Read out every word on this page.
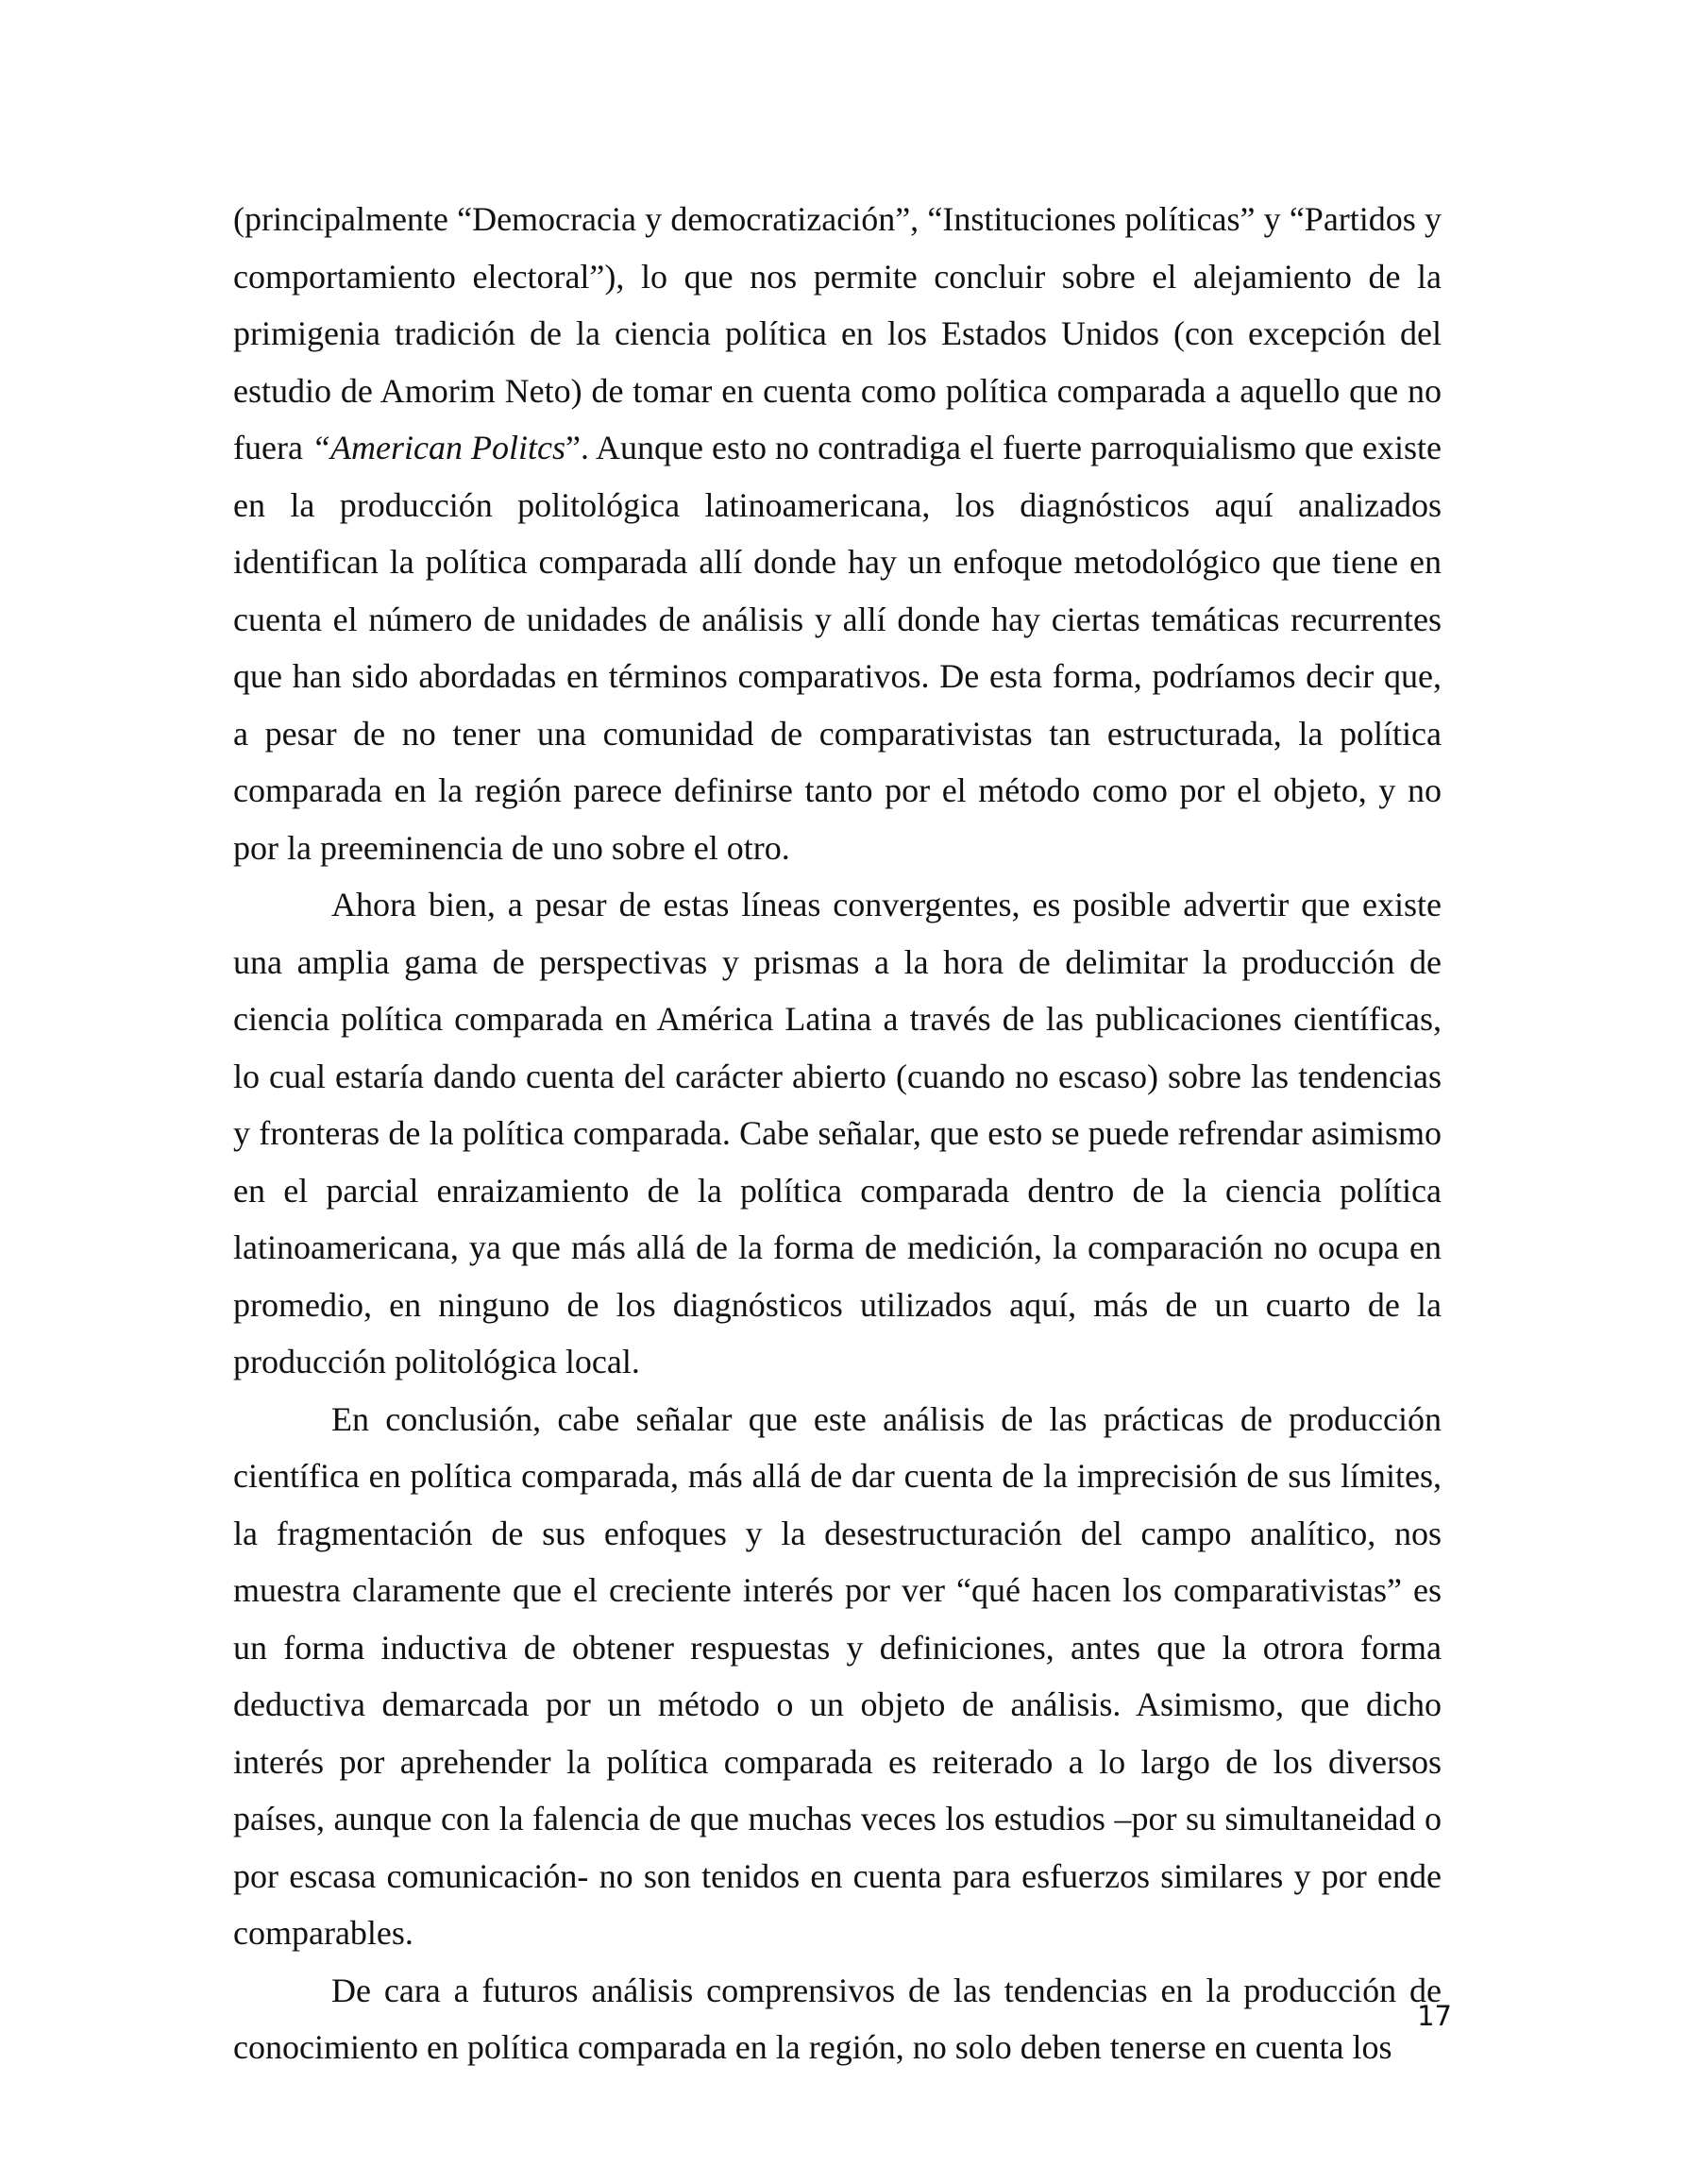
(principalmente “Democracia y democratización”, “Instituciones políticas” y “Partidos y comportamiento electoral”), lo que nos permite concluir sobre el alejamiento de la primigenia tradición de la ciencia política en los Estados Unidos (con excepción del estudio de Amorim Neto) de tomar en cuenta como política comparada a aquello que no fuera “American Politcs”. Aunque esto no contradiga el fuerte parroquialismo que existe en la producción politológica latinoamericana, los diagnósticos aquí analizados identifican la política comparada allí donde hay un enfoque metodológico que tiene en cuenta el número de unidades de análisis y allí donde hay ciertas temáticas recurrentes que han sido abordadas en términos comparativos. De esta forma, podríamos decir que, a pesar de no tener una comunidad de comparativistas tan estructurada, la política comparada en la región parece definirse tanto por el método como por el objeto, y no por la preeminencia de uno sobre el otro.

Ahora bien, a pesar de estas líneas convergentes, es posible advertir que existe una amplia gama de perspectivas y prismas a la hora de delimitar la producción de ciencia política comparada en América Latina a través de las publicaciones científicas, lo cual estaría dando cuenta del carácter abierto (cuando no escaso) sobre las tendencias y fronteras de la política comparada. Cabe señalar, que esto se puede refrendar asimismo en el parcial enraizamiento de la política comparada dentro de la ciencia política latinoamericana, ya que más allá de la forma de medición, la comparación no ocupa en promedio, en ninguno de los diagnósticos utilizados aquí, más de un cuarto de la producción politológica local.

En conclusión, cabe señalar que este análisis de las prácticas de producción científica en política comparada, más allá de dar cuenta de la imprecisión de sus límites, la fragmentación de sus enfoques y la desestructuración del campo analítico, nos muestra claramente que el creciente interés por ver “qué hacen los comparativistas” es un forma inductiva de obtener respuestas y definiciones, antes que la otrora forma deductiva demarcada por un método o un objeto de análisis. Asimismo, que dicho interés por aprehender la política comparada es reiterado a lo largo de los diversos países, aunque con la falencia de que muchas veces los estudios –por su simultaneidad o por escasa comunicación- no son tenidos en cuenta para esfuerzos similares y por ende comparables.

De cara a futuros análisis comprensivos de las tendencias en la producción de conocimiento en política comparada en la región, no solo deben tenerse en cuenta los

17
